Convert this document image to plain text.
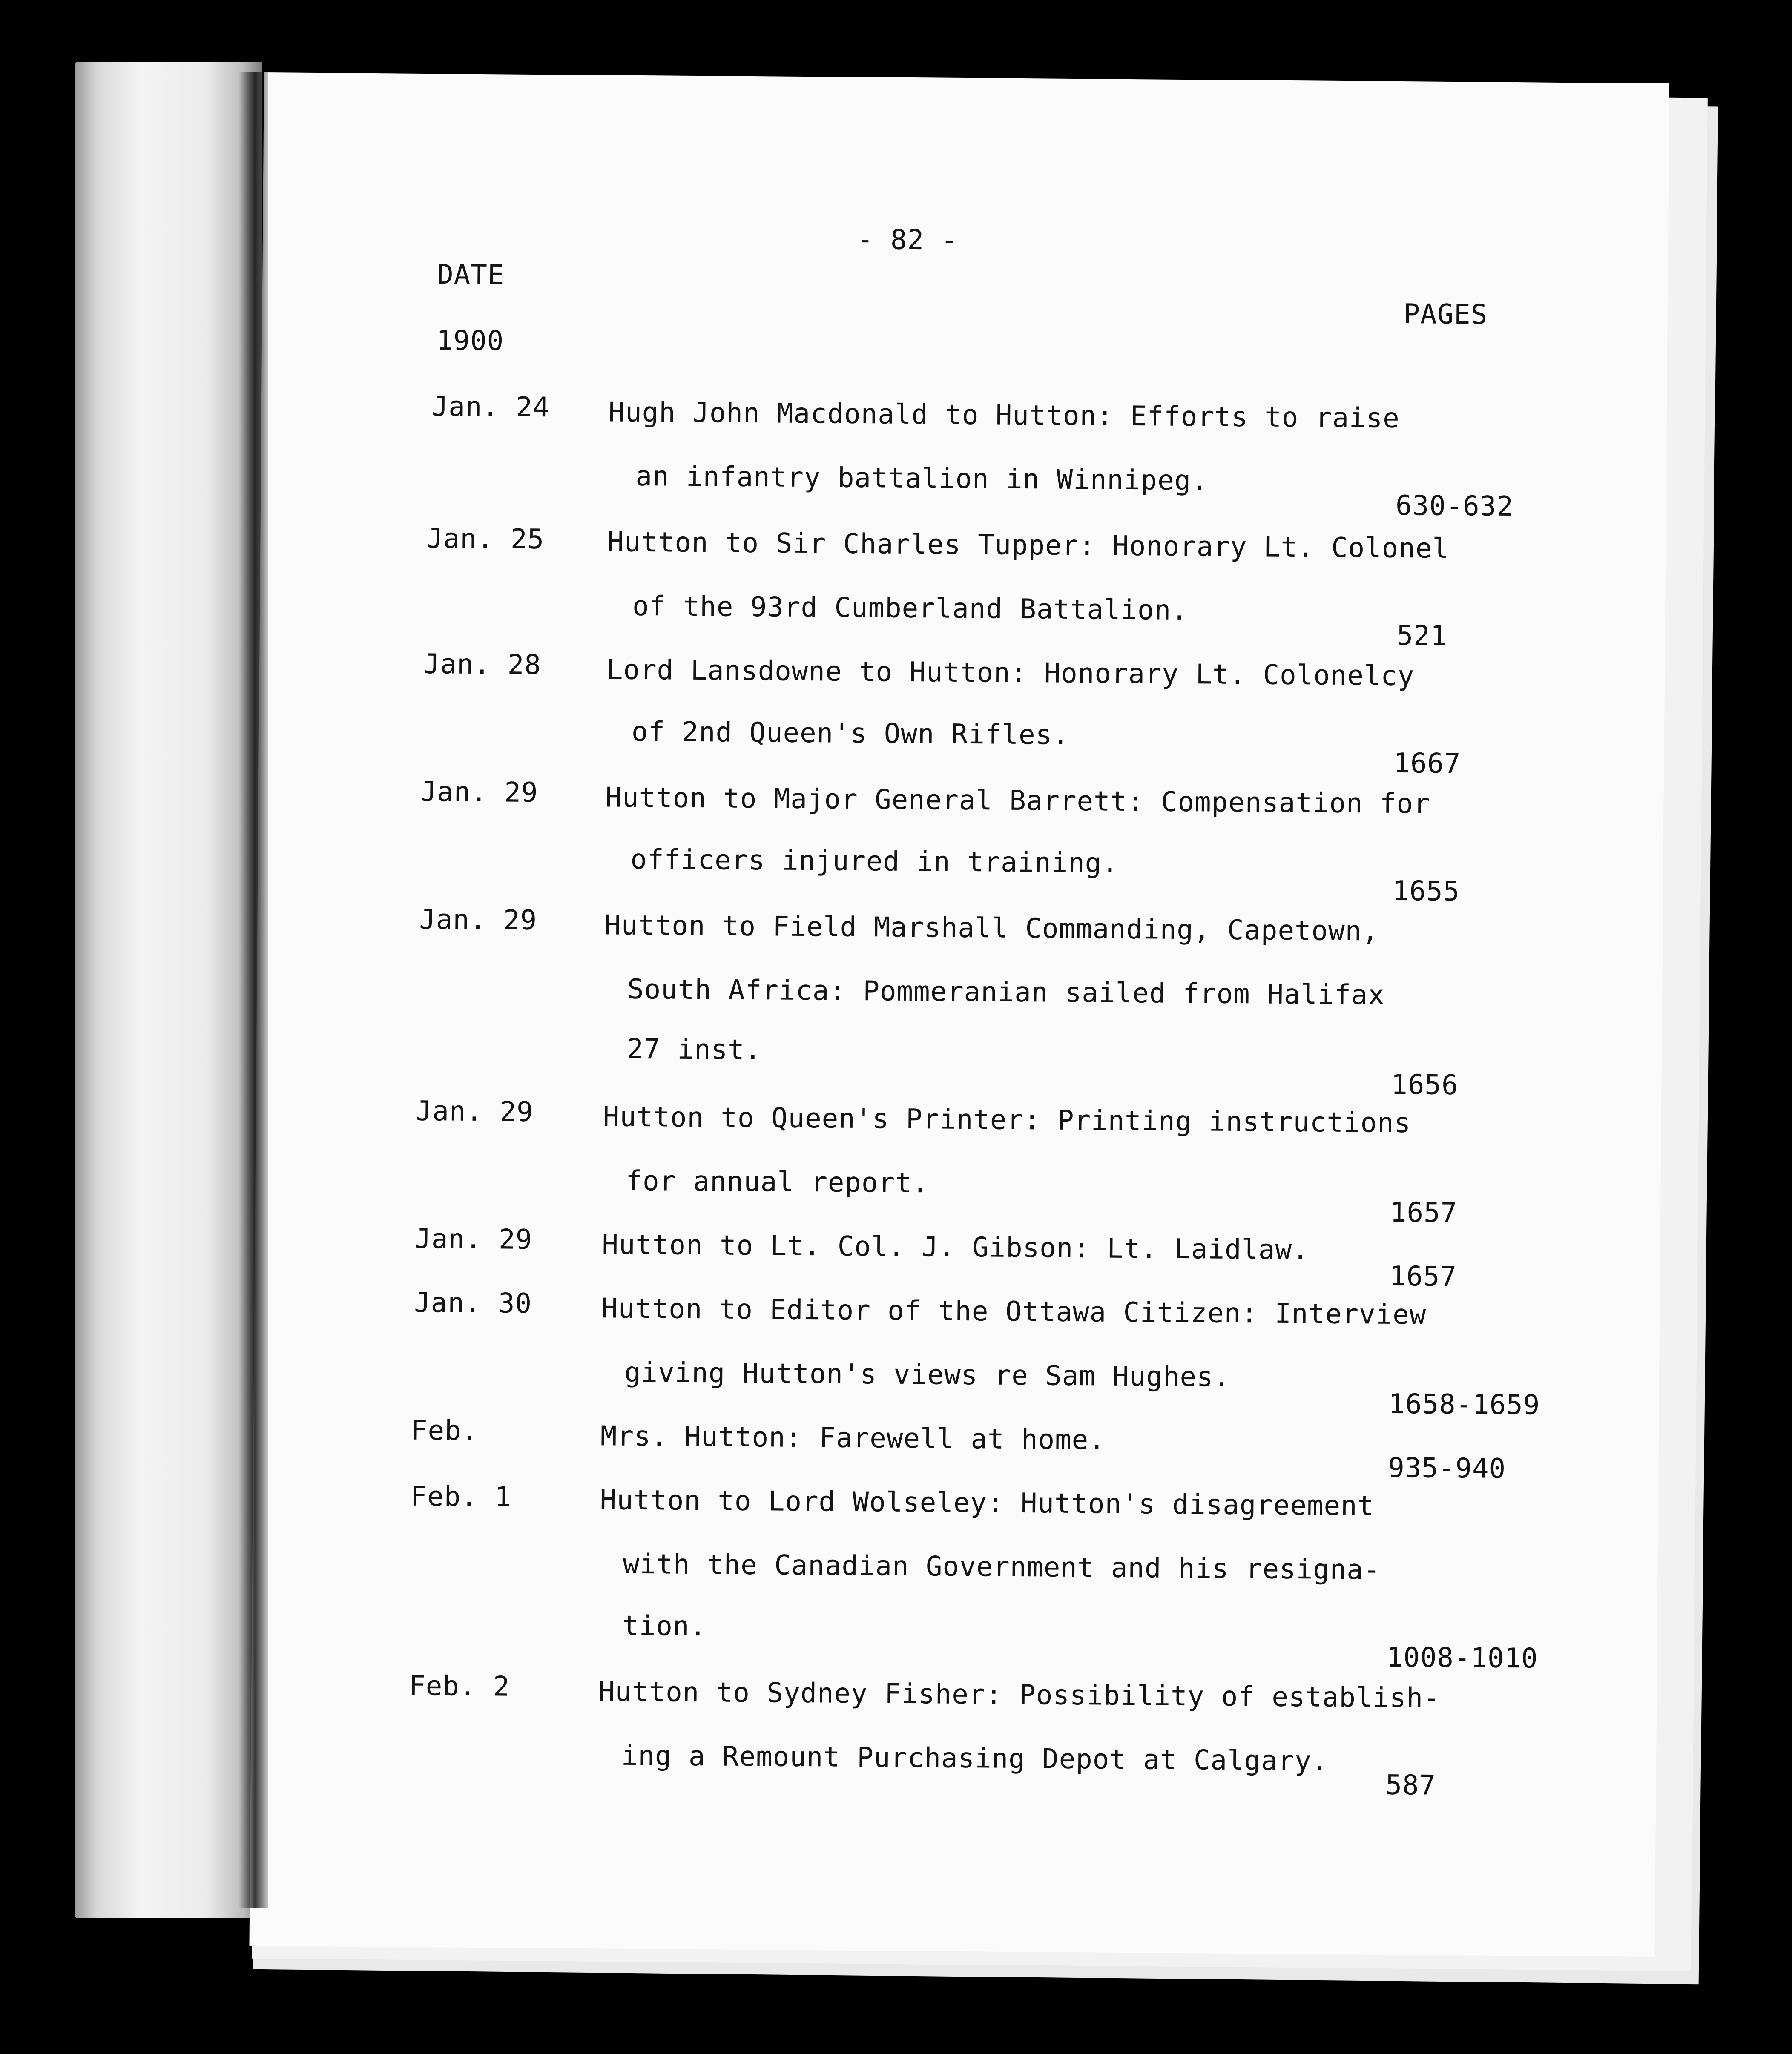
- 82 -
DATE
1900
PAGES
Jan. 24 Hugh John Macdonald to Hutton: Efforts to raise
an infantry battalion in Winnipeg.
630-632
Jan. 25 Hutton to Sir Charles Tupper: Honorary Lt. Colonel
of the 93rd Cumberland Battalion.
521
Jan. 28 Lord Lansdowne to Hutton: Honorary Lt. Colonelcy
of 2nd Queen's Own Rifles.
1667
Jan. 29 Hutton to Major General Barrett: Compensation for
officers injured in training.
1655
Jan. 29 Hutton to Field Marshall Commanding, Capetown,
South Africa: Pommeranian sailed from Halifax
27 inst.
1656
Jan. 29	Hutton to Queen's Printer: Printing instructions
for annual report.
1657
Jan. 29	Hutton to Lt. Col. J. Gibson: Lt. Laidlaw.
1657
Jan. 30	Hutton to Editor of the Ottawa Citizen: Interview
giving Hutton's views re Sam Hughes.
1658-1659
Feb.	Mrs. Hutton: Farewell at home.
935-940
Feb. 1	Hutton to Lord Wolseley: Hutton's disagreement
with the Canadian Government and his resigna-
tion.
1008-1010
Feb. 2	Hutton to Sydney Fisher: Possibility of establish-
ing a Remount Purchasing Depot at Calgary.
587
